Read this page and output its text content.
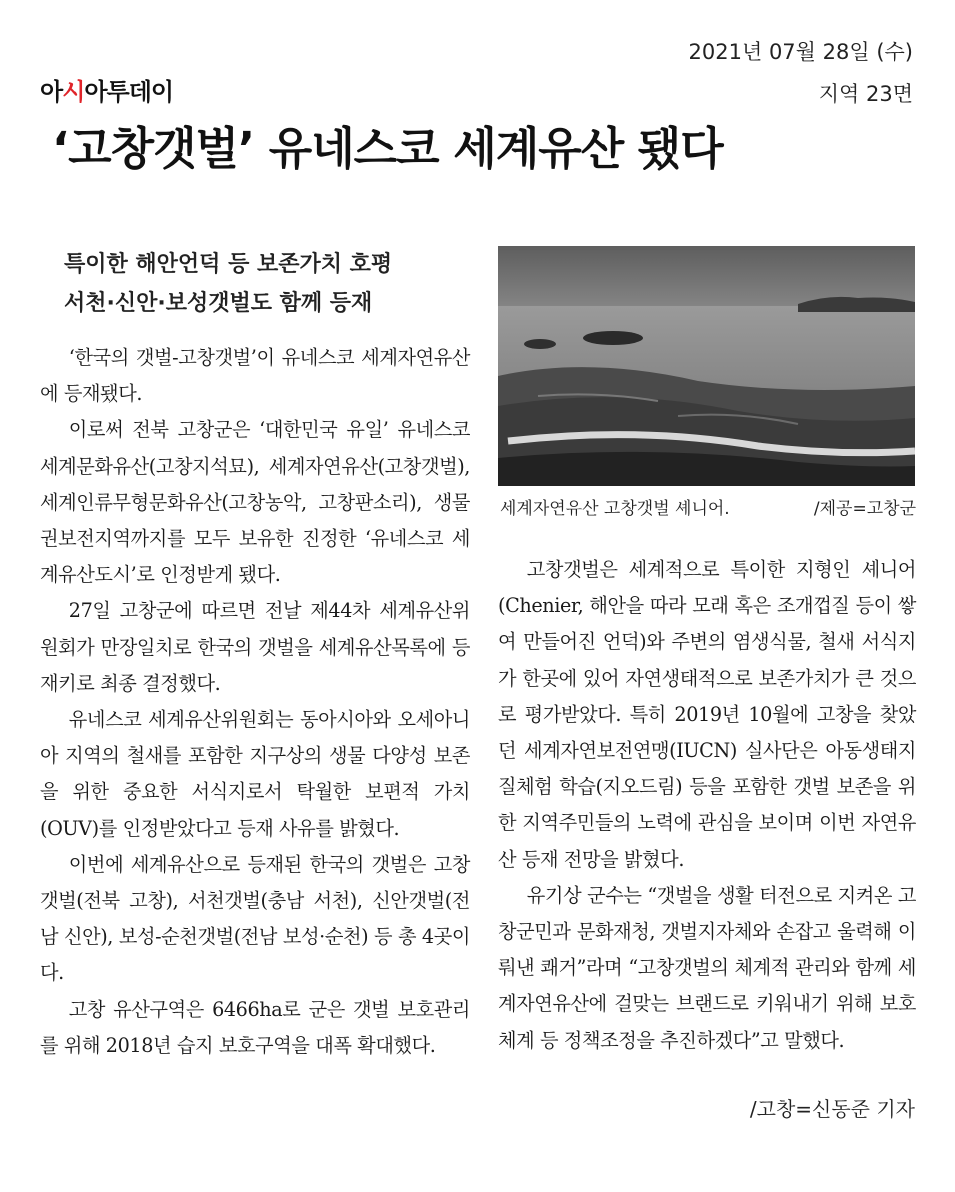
아시아투데이
2021년 07월 28일 (수)
지역 23면
‘고창갯벌’ 유네스코 세계유산 됐다
특이한 해안언덕 등 보존가치 호평
서천·신안·보성갯벌도 함께 등재

‘한국의 갯벌-고창갯벌’이 유네스코 세계자연유산에 등재됐다.

이로써 전북 고창군은 ‘대한민국 유일’ 유네스코 세계문화유산(고창지석묘), 세계자연유산(고창갯벌), 세계인류무형문화유산(고창농악, 고창판소리), 생물권보전지역까지를 모두 보유한 진정한 ‘유네스코 세계유산도시’로 인정받게 됐다.

27일 고창군에 따르면 전날 제44차 세계유산위원회가 만장일치로 한국의 갯벌을 세계유산목록에 등재키로 최종 결정했다.

유네스코 세계유산위원회는 동아시아와 오세아니아 지역의 철새를 포함한 지구상의 생물 다양성 보존을 위한 중요한 서식지로서 탁월한 보편적 가치(OUV)를 인정받았다고 등재 사유를 밝혔다.

이번에 세계유산으로 등재된 한국의 갯벌은 고창갯벌(전북 고창), 서천갯벌(충남 서천), 신안갯벌(전남 신안), 보성-순천갯벌(전남 보성·순천) 등 총 4곳이다.

고창 유산구역은 6466ha로 군은 갯벌 보호관리를 위해 2018년 습지 보호구역을 대폭 확대했다.

세계자연유산 고창갯벌 셰니어.	/제공=고창군

고창갯벌은 세계적으로 특이한 지형인 셰니어(Chenier, 해안을 따라 모래 혹은 조개껍질 등이 쌓여 만들어진 언덕)와 주변의 염생식물, 철새 서식지가 한곳에 있어 자연생태적으로 보존가치가 큰 것으로 평가받았다. 특히 2019년 10월에 고창을 찾았던 세계자연보전연맹(IUCN) 실사단은 아동생태지질체험 학습(지오드림) 등을 포함한 갯벌 보존을 위한 지역주민들의 노력에 관심을 보이며 이번 자연유산 등재 전망을 밝혔다.

유기상 군수는 “갯벌을 생활 터전으로 지켜온 고창군민과 문화재청, 갯벌지자체와 손잡고 울력해 이뤄낸 쾌거”라며 “고창갯벌의 체계적 관리와 함께 세계자연유산에 걸맞는 브랜드로 키워내기 위해 보호체계 등 정책조정을 추진하겠다”고 말했다.

/고창=신동준 기자
